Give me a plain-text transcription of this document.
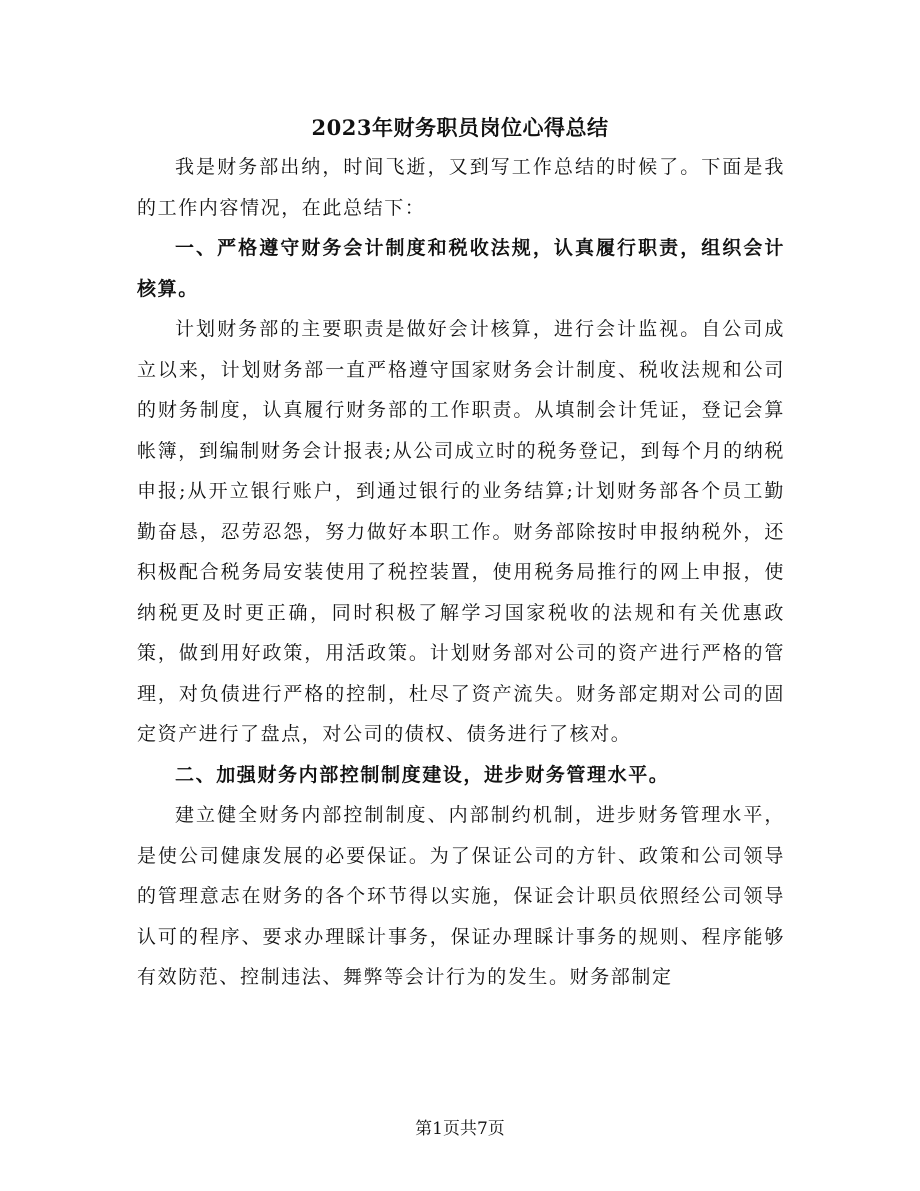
2023年财务职员岗位心得总结

我是财务部出纳，时间飞逝，又到写工作总结的时候了。下面是我的工作内容情况，在此总结下：

一、严格遵守财务会计制度和税收法规，认真履行职责，组织会计核算。

计划财务部的主要职责是做好会计核算，进行会计监视。自公司成立以来，计划财务部一直严格遵守国家财务会计制度、税收法规和公司的财务制度，认真履行财务部的工作职责。从填制会计凭证，登记会算帐簿，到编制财务会计报表;从公司成立时的税务登记，到每个月的纳税申报;从开立银行账户，到通过银行的业务结算;计划财务部各个员工勤勤奋恳，忍劳忍怨，努力做好本职工作。财务部除按时申报纳税外，还积极配合税务局安装使用了税控装置，使用税务局推行的网上申报，使纳税更及时更正确，同时积极了解学习国家税收的法规和有关优惠政策，做到用好政策，用活政策。计划财务部对公司的资产进行严格的管理，对负债进行严格的控制，杜尽了资产流失。财务部定期对公司的固定资产进行了盘点，对公司的债权、债务进行了核对。

二、加强财务内部控制制度建设，进步财务管理水平。

建立健全财务内部控制制度、内部制约机制，进步财务管理水平，是使公司健康发展的必要保证。为了保证公司的方针、政策和公司领导的管理意志在财务的各个环节得以实施，保证会计职员依照经公司领导认可的程序、要求办理睬计事务，保证办理睬计事务的规则、程序能够有效防范、控制违法、舞弊等会计行为的发生。财务部制定

第1页共7页
